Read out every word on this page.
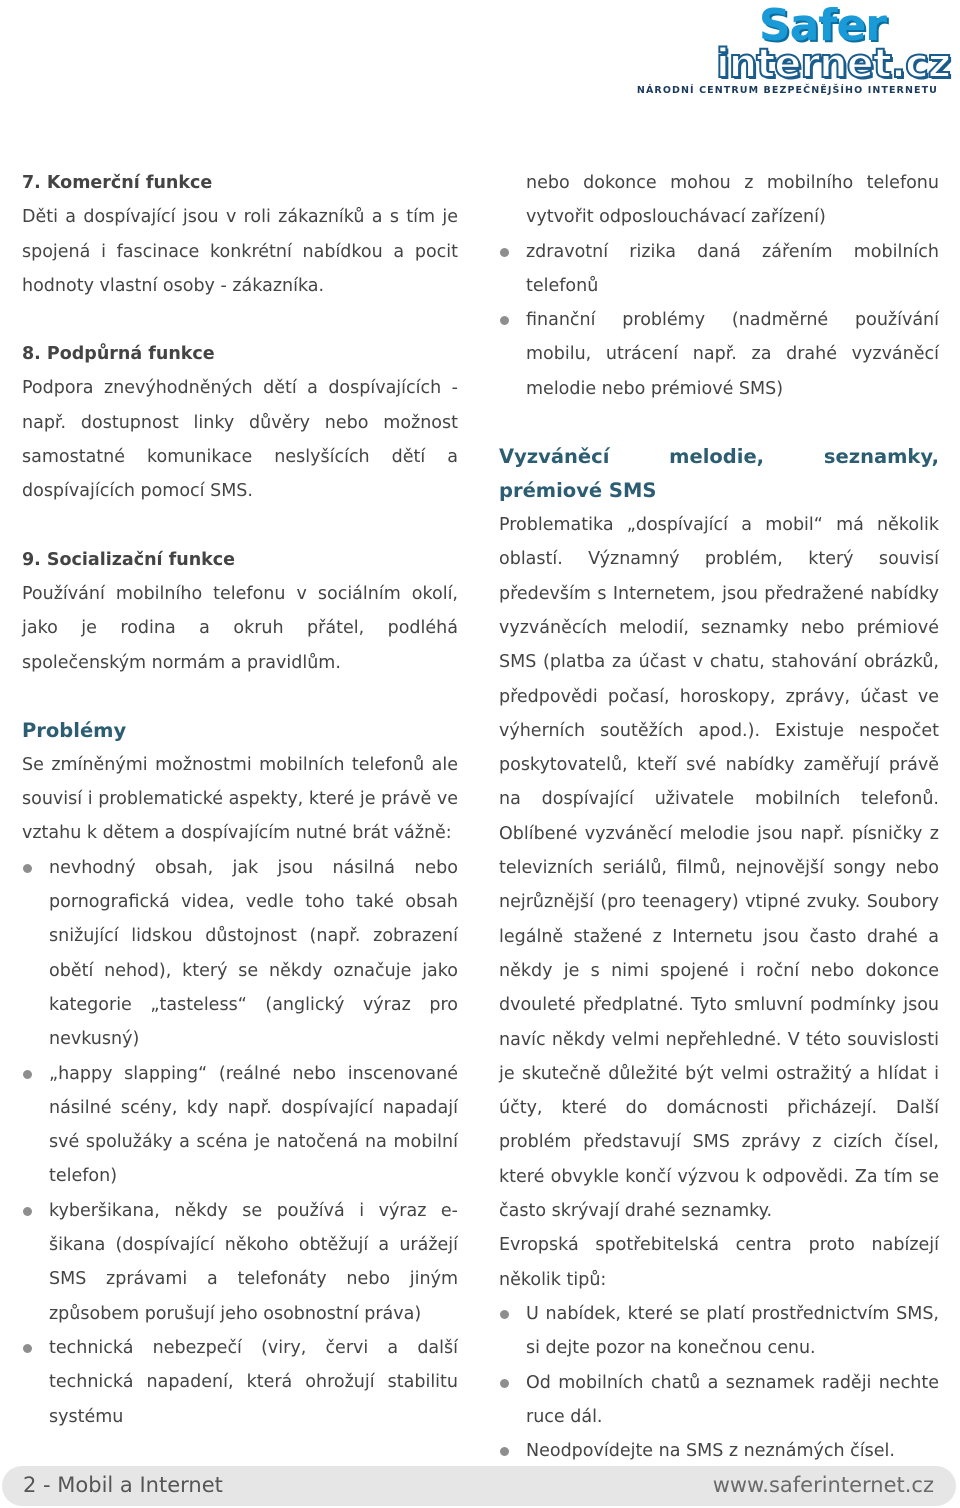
Safer
internet.cz
NÁRODNÍ CENTRUM BEZPEČNĚJŠÍHO INTERNETU

7. Komerční funkce

Děti a dospívající jsou v roli zákazníků a s tím je spojená i fascinace konkrétní nabídkou a pocit hodnoty vlastní osoby - zákazníka.

8. Podpůrná funkce

Podpora znevýhodněných dětí a dospívajících - např. dostupnost linky důvěry nebo možnost samostatné komunikace neslyšících dětí a dospívajících pomocí SMS.

9. Socializační funkce

Používání mobilního telefonu v sociálním okolí, jako je rodina a okruh přátel, podléhá společenským normám a pravidlům.

Problémy

Se zmíněnými možnostmi mobilních telefonů ale souvisí i problematické aspekty, které je právě ve vztahu k dětem a dospívajícím nutné brát vážně:

nevhodný obsah, jak jsou násilná nebo pornografická videa, vedle toho také obsah snižující lidskou důstojnost (např. zobrazení obětí nehod), který se někdy označuje jako kategorie „tasteless“ (anglický výraz pro nevkusný)
„happy slapping“ (reálné nebo inscenované násilné scény, kdy např. dospívající napadají své spolužáky a scéna je natočená na mobilní telefon)
kyberšikana, někdy se používá i výraz e-šikana (dospívající někoho obtěžují a urážejí SMS zprávami a telefonáty nebo jiným způsobem porušují jeho osobnostní práva)
technická nebezpečí (viry, červi a další technická napadení, která ohrožují stabilitu systému

nebo dokonce mohou z mobilního telefonu vytvořit odposlouchávací zařízení)

zdravotní rizika daná zářením mobilních telefonů
finanční problémy (nadměrné používání mobilu, utrácení např. za drahé vyzváněcí melodie nebo prémiové SMS)

Vyzváněcí melodie, seznamky, prémiové SMS

Problematika „dospívající a mobil“ má několik oblastí. Významný problém, který souvisí především s Internetem, jsou předražené nabídky vyzváněcích melodií, seznamky nebo prémiové SMS (platba za účast v chatu, stahování obrázků, předpovědi počasí, horoskopy, zprávy, účast ve výherních soutěžích apod.). Existuje nespočet poskytovatelů, kteří své nabídky zaměřují právě na dospívající uživatele mobilních telefonů. Oblíbené vyzváněcí melodie jsou např. písničky z televizních seriálů, filmů, nejnovější songy nebo nejrůznější (pro teenagery) vtipné zvuky. Soubory legálně stažené z Internetu jsou často drahé a někdy je s nimi spojené i roční nebo dokonce dvouleté předplatné. Tyto smluvní podmínky jsou navíc někdy velmi nepřehledné. V této souvislosti je skutečně důležité být velmi ostražitý a hlídat i účty, které do domácnosti přicházejí. Další problém představují SMS zprávy z cizích čísel, které obvykle končí výzvou k odpovědi. Za tím se často skrývají drahé seznamky.

Evropská spotřebitelská centra proto nabízejí několik tipů:

U nabídek, které se platí prostřednictvím SMS, si dejte pozor na konečnou cenu.
Od mobilních chatů a seznamek raději nechte ruce dál.
Neodpovídejte na SMS z neznámých čísel.
2 - Mobil a Internet	www.saferinternet.cz
